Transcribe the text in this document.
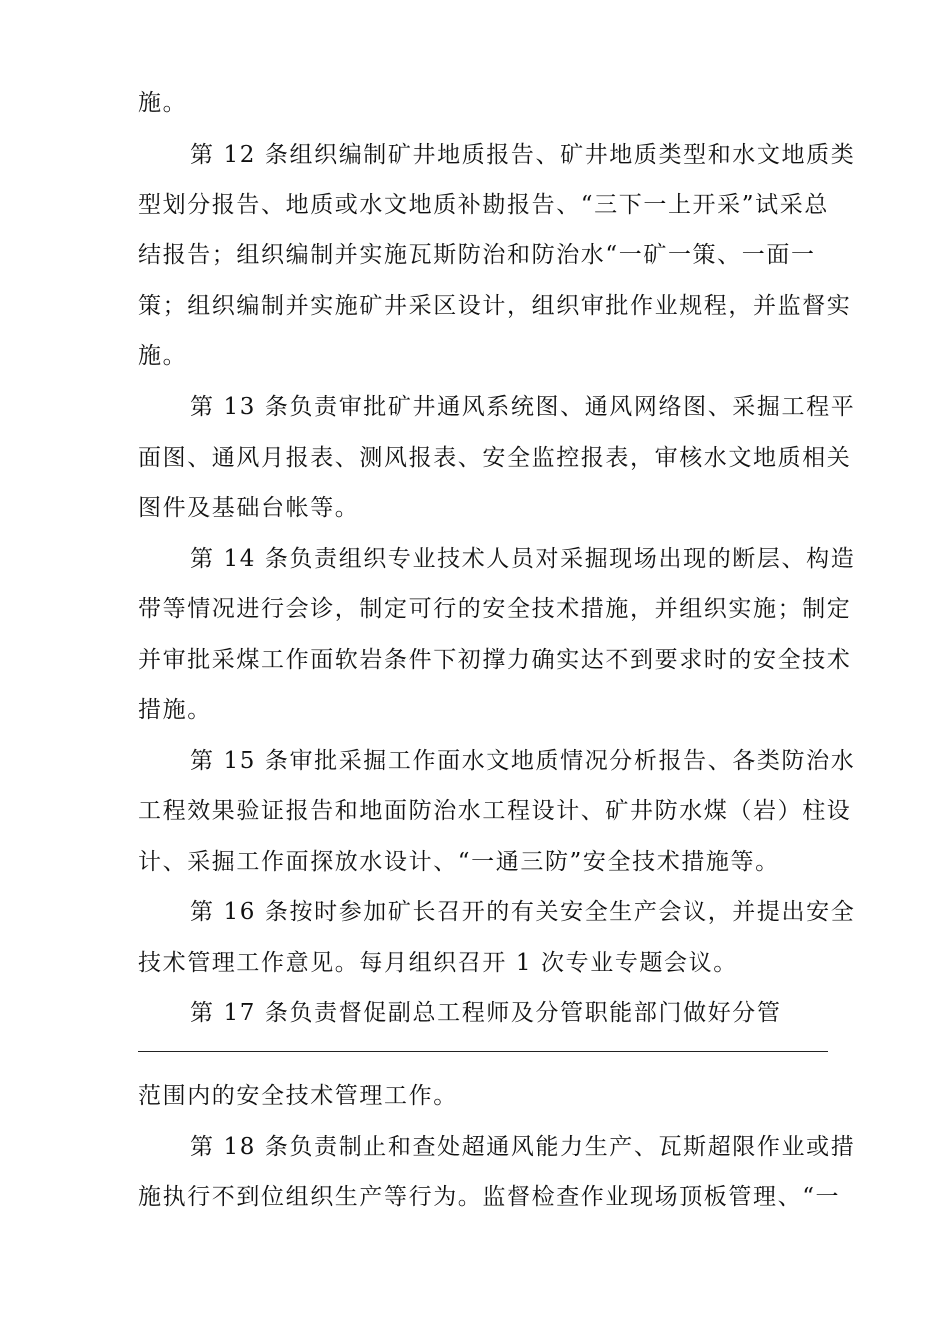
施。
第 12 条组织编制矿井地质报告、矿井地质类型和水文地质类
型划分报告、地质或水文地质补勘报告、“三下一上开采”试采总
结报告；组织编制并实施瓦斯防治和防治水“一矿一策、一面一
策；组织编制并实施矿井采区设计，组织审批作业规程，并监督实
施。
第 13 条负责审批矿井通风系统图、通风网络图、采掘工程平
面图、通风月报表、测风报表、安全监控报表，审核水文地质相关
图件及基础台帐等。
第 14 条负责组织专业技术人员对采掘现场出现的断层、构造
带等情况进行会诊，制定可行的安全技术措施，并组织实施；制定
并审批采煤工作面软岩条件下初撑力确实达不到要求时的安全技术
措施。
第 15 条审批采掘工作面水文地质情况分析报告、各类防治水
工程效果验证报告和地面防治水工程设计、矿井防水煤（岩）柱设
计、采掘工作面探放水设计、“一通三防”安全技术措施等。
第 16 条按时参加矿长召开的有关安全生产会议，并提出安全
技术管理工作意见。每月组织召开 1 次专业专题会议。
第 17 条负责督促副总工程师及分管职能部门做好分管
范围内的安全技术管理工作。
第 18 条负责制止和查处超通风能力生产、瓦斯超限作业或措
施执行不到位组织生产等行为。监督检查作业现场顶板管理、“一
